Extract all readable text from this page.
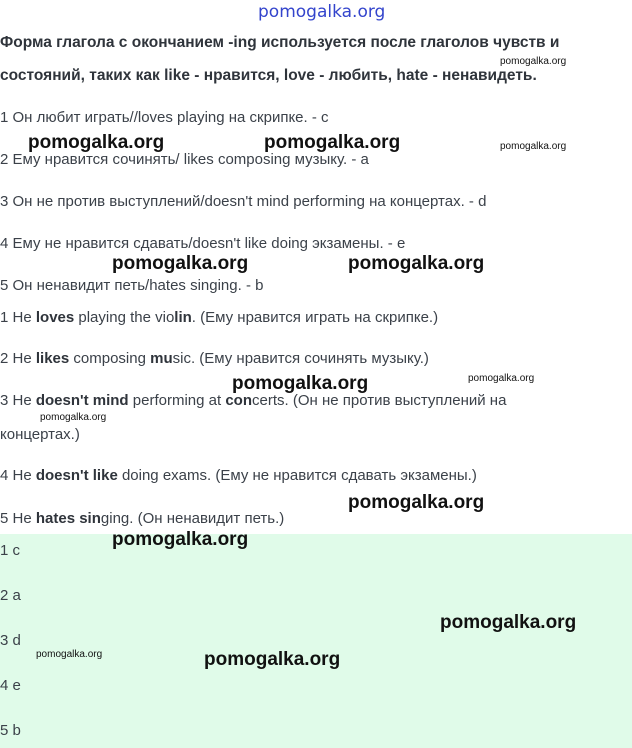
pomogalka.org
Форма глагола с окончанием -ing используется после глаголов чувств и
состояний, таких как like - нравится, love - любить, hate - ненавидеть.
1 Он любит играть//loves playing на скрипке. - c
2 Ему нравится сочинять/ likes composing музыку. - a
3 Он не против выступлений/doesn't mind performing на концертах. - d
4 Ему не нравится сдавать/doesn't like doing экзамены. - e
5 Он ненавидит петь/hates singing. - b
1 He loves playing the violin. (Ему нравится играть на скрипке.)
2 He likes composing music. (Ему нравится сочинять музыку.)
3 He doesn't mind performing at concerts. (Он не против выступлений на
концертах.)
4 He doesn't like doing exams. (Ему не нравится сдавать экзамены.)
5 He hates singing. (Он ненавидит петь.)
1 c
2 a
3 d
4 e
5 b
pomogalka.org
pomogalka.org	pomogalka.org	pomogalka.org
pomogalka.org	pomogalka.org
pomogalka.org	pomogalka.org
pomogalka.org
pomogalka.org
pomogalka.org
pomogalka.org
pomogalka.org	pomogalka.org
